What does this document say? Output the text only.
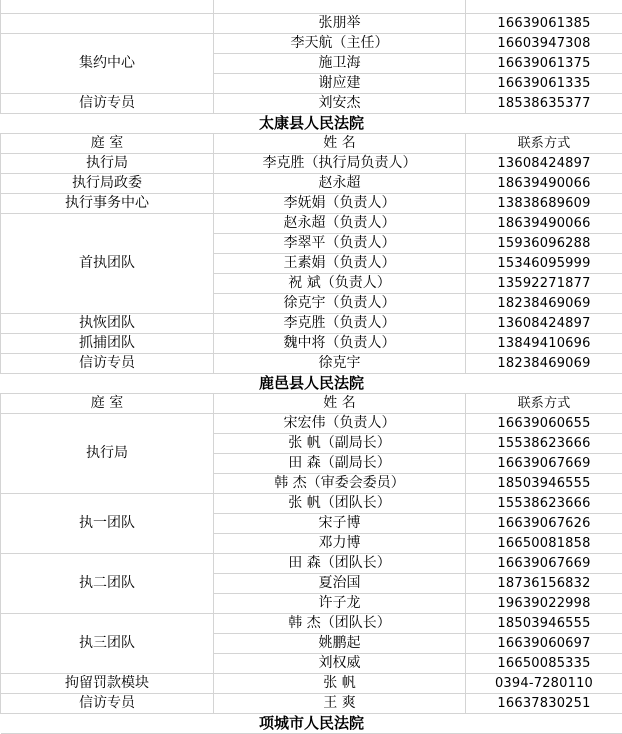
	张朋举	16639061385
集约中心	李天航（主任）	16603947308
	施卫海	16639061375
	谢应建	16639061335
信访专员	刘安杰	18538635377
太康县人民法院		
庭 室	姓 名	联系方式
执行局	李克胜（执行局负责人）	13608424897
执行局政委	赵永超	18639490066
执行事务中心	李妩娟（负责人）	13838689609
首执团队	赵永超（负责人）	18639490066
	李翠平（负责人）	15936096288
	王素娟（负责人）	15346095999
	祝 斌（负责人）	13592271877
	徐克宇（负责人）	18238469069
执恢团队	李克胜（负责人）	13608424897
抓捕团队	魏中将（负责人）	13849410696
信访专员	徐克宇	18238469069
鹿邑县人民法院		
庭 室	姓 名	联系方式
执行局	宋宏伟（负责人）	16639060655
	张 帆（副局长）	15538623666
	田 森（副局长）	16639067669
	韩 杰（审委会委员）	18503946555
执一团队	张 帆（团队长）	15538623666
	宋子博	16639067626
	邓力博	16650081858
执二团队	田 森（团队长）	16639067669
	夏治国	18736156832
	许子龙	19639022998
执三团队	韩 杰（团队长）	18503946555
	姚鹏起	16639060697
	刘权威	16650085335
拘留罚款模块	张 帆	0394-7280110
信访专员	王 爽	16637830251
项城市人民法院		
